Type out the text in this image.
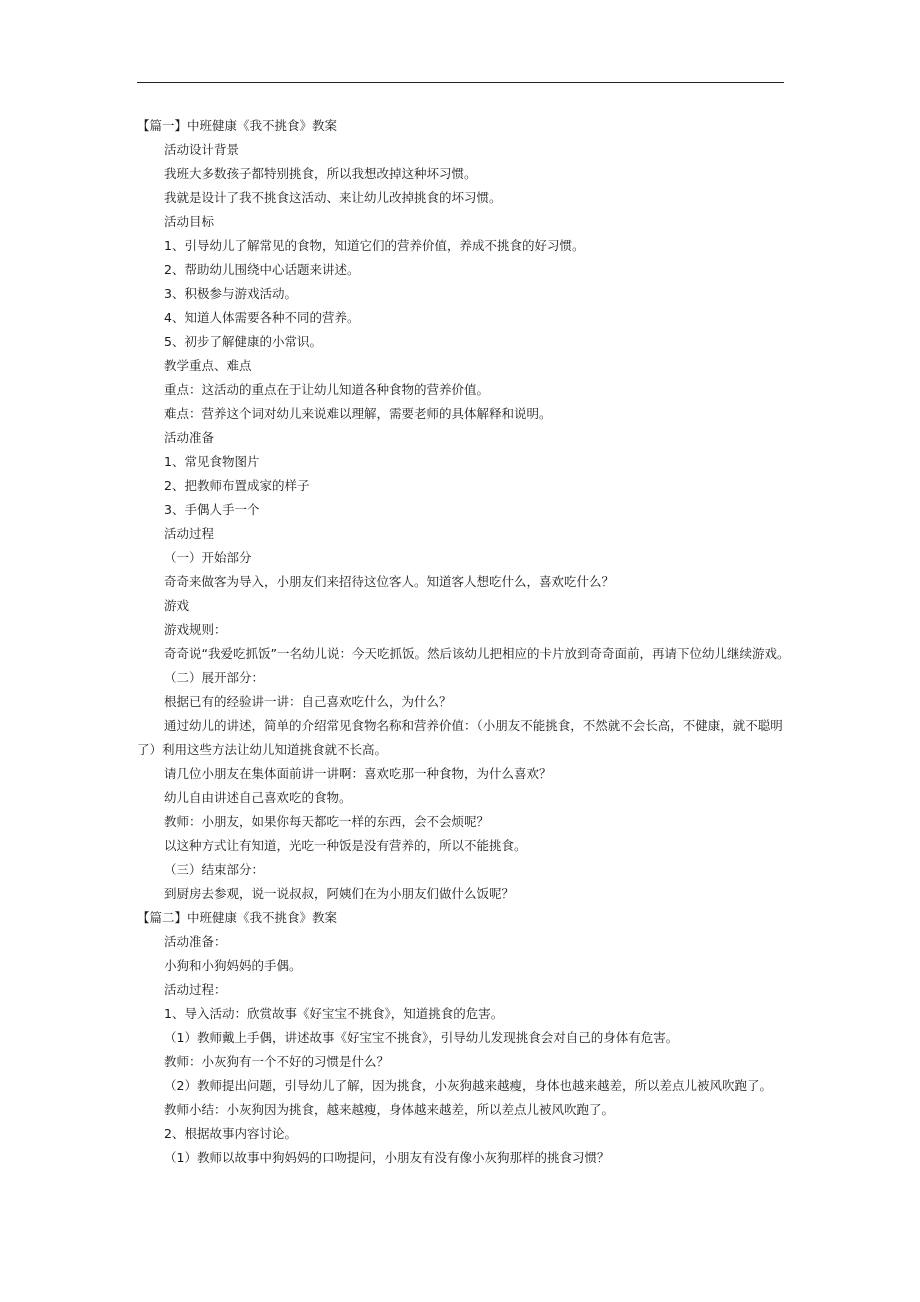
【篇一】中班健康《我不挑食》教案
活动设计背景
我班大多数孩子都特别挑食，所以我想改掉这种坏习惯。
我就是设计了我不挑食这活动、来让幼儿改掉挑食的坏习惯。
活动目标
1、引导幼儿了解常见的食物，知道它们的营养价值，养成不挑食的好习惯。
2、帮助幼儿围绕中心话题来讲述。
3、积极参与游戏活动。
4、知道人体需要各种不同的营养。
5、初步了解健康的小常识。
教学重点、难点
重点：这活动的重点在于让幼儿知道各种食物的营养价值。
难点：营养这个词对幼儿来说难以理解，需要老师的具体解释和说明。
活动准备
1、常见食物图片
2、把教师布置成家的样子
3、手偶人手一个
活动过程
（一）开始部分
奇奇来做客为导入，小朋友们来招待这位客人。知道客人想吃什么，喜欢吃什么？
游戏
游戏规则：
奇奇说“我爱吃抓饭”一名幼儿说：今天吃抓饭。然后该幼儿把相应的卡片放到奇奇面前，再请下位幼儿继续游戏。
（二）展开部分：
根据已有的经验讲一讲：自己喜欢吃什么，为什么？
通过幼儿的讲述，简单的介绍常见食物名称和营养价值：（小朋友不能挑食，不然就不会长高，不健康，就不聪明
了）利用这些方法让幼儿知道挑食就不长高。
请几位小朋友在集体面前讲一讲啊：喜欢吃那一种食物，为什么喜欢？
幼儿自由讲述自己喜欢吃的食物。
教师：小朋友，如果你每天都吃一样的东西，会不会烦呢？
以这种方式让有知道，光吃一种饭是没有营养的，所以不能挑食。
（三）结束部分：
到厨房去参观，说一说叔叔，阿姨们在为小朋友们做什么饭呢？
【篇二】中班健康《我不挑食》教案
活动准备：
小狗和小狗妈妈的手偶。
活动过程：
1、导入活动：欣赏故事《好宝宝不挑食》，知道挑食的危害。
（1）教师戴上手偶，讲述故事《好宝宝不挑食》，引导幼儿发现挑食会对自己的身体有危害。
教师：小灰狗有一个不好的习惯是什么？
（2）教师提出问题，引导幼儿了解，因为挑食，小灰狗越来越瘦，身体也越来越差，所以差点儿被风吹跑了。
教师小结：小灰狗因为挑食，越来越瘦，身体越来越差，所以差点儿被风吹跑了。
2、根据故事内容讨论。
（1）教师以故事中狗妈妈的口吻提问，小朋友有没有像小灰狗那样的挑食习惯？
